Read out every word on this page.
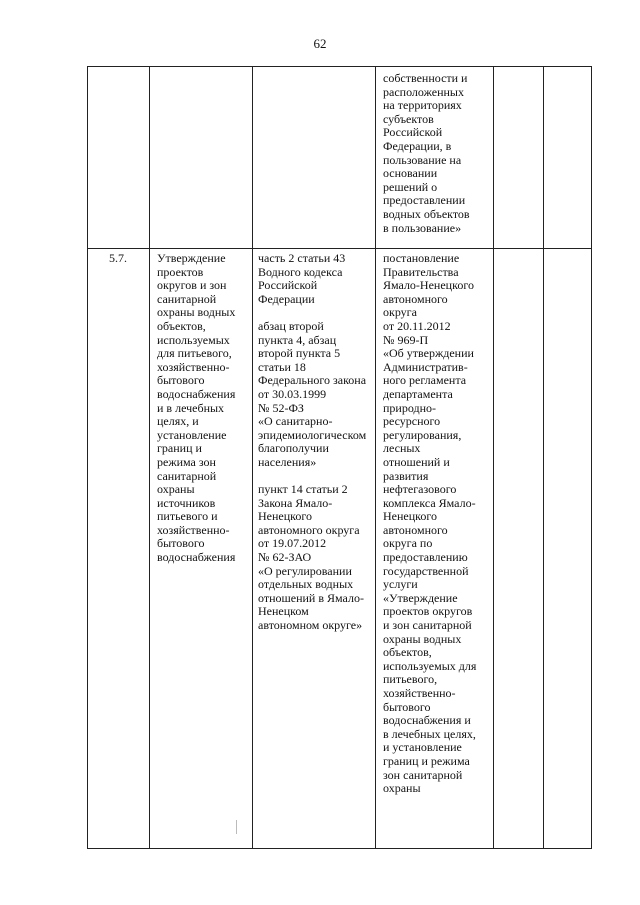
62
собственности и
расположенных
на территориях
субъектов
Российской
Федерации, в
пользование на
основании
решений о
предоставлении
водных объектов
в пользование»
5.7.	Утверждение
проектов
округов и зон
санитарной
охраны водных
объектов,
используемых
для питьевого,
хозяйственно-
бытового
водоснабжения
и в лечебных
целях, и
установление
границ и
режима зон
санитарной
охраны
источников
питьевого и
хозяйственно-
бытового
водоснабжения
часть 2 статьи 43
Водного кодекса
Российской
Федерации

абзац второй
пункта 4, абзац
второй пункта 5
статьи 18
Федерального закона
от 30.03.1999
№ 52-ФЗ
«О санитарно-
эпидемиологическом
благополучии
населения»

пункт 14 статьи 2
Закона Ямало-
Ненецкого
автономного округа
от 19.07.2012
№ 62-ЗАО
«О регулировании
отдельных водных
отношений в Ямало-
Ненецком
автономном округе»
постановление
Правительства
Ямало-Ненецкого
автономного
округа
от 20.11.2012
№ 969-П
«Об утверждении
Административ-
ного регламента
департамента
природно-
ресурсного
регулирования,
лесных
отношений и
развития
нефтегазового
комплекса Ямало-
Ненецкого
автономного
округа по
предоставлению
государственной
услуги
«Утверждение
проектов округов
и зон санитарной
охраны водных
объектов,
используемых для
питьевого,
хозяйственно-
бытового
водоснабжения и
в лечебных целях,
и установление
границ и режима
зон санитарной
охраны
